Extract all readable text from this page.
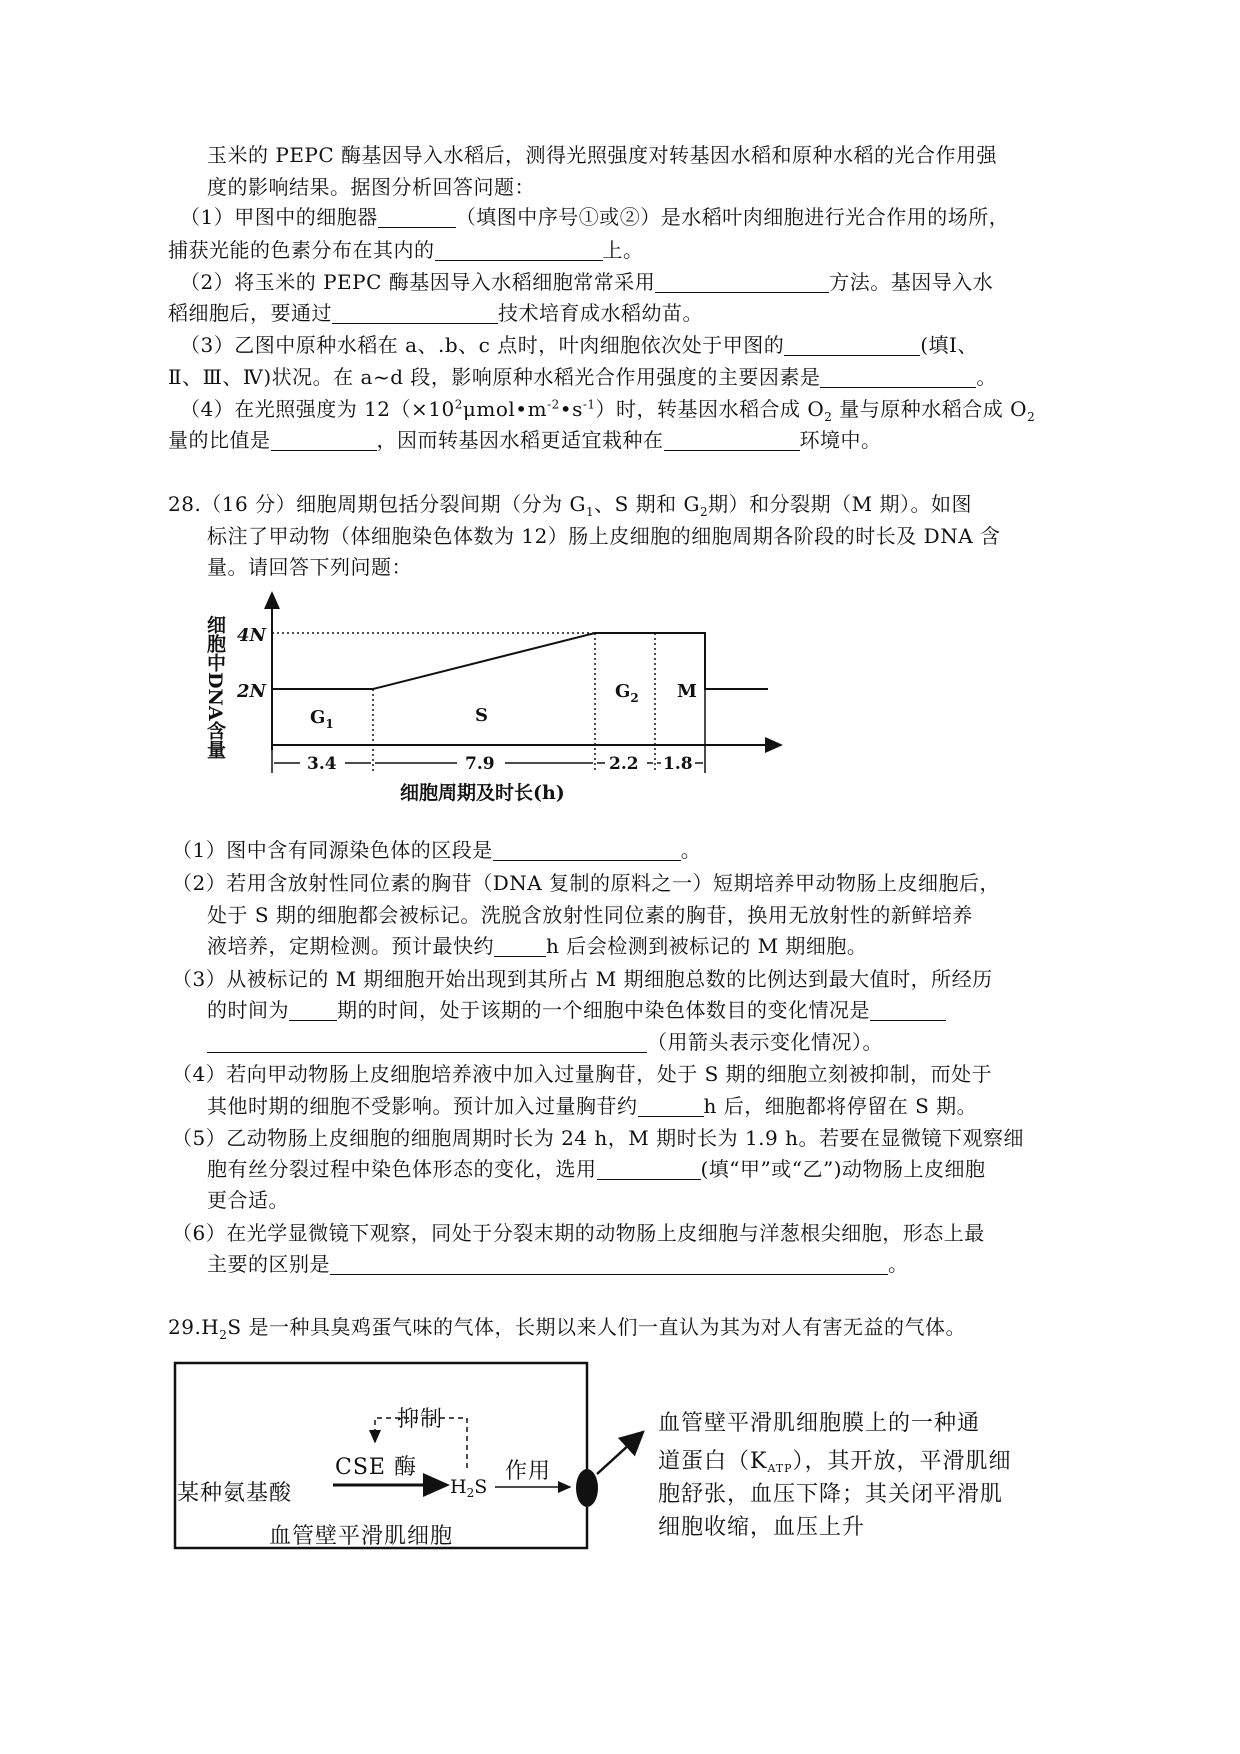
玉米的 PEPC 酶基因导入水稻后，测得光照强度对转基因水稻和原种水稻的光合作用强
度的影响结果。据图分析回答问题：
（1）甲图中的细胞器	（填图中序号①或②）是水稻叶肉细胞进行光合作用的场所，
捕获光能的色素分布在其内的	上。
（2）将玉米的 PEPC 酶基因导入水稻细胞常常采用	方法。基因导入水
稻细胞后，要通过	技术培育成水稻幼苗。
（3）乙图中原种水稻在 a、.b、c 点时，叶肉细胞依次处于甲图的	(填Ⅰ、
Ⅱ、Ⅲ、Ⅳ)状况。在 a~d 段，影响原种水稻光合作用强度的主要因素是	。
（4）在光照强度为 $12(\times 10^2\mu mol•m^{-2}•s^{-1})$时，转基因水稻合成 $O_2$ 量与原种水稻合成 $O_2$
量的比值是	，因而转基因水稻更适宜栽种在	环境中。
28.（16 分）细胞周期包括分裂间期（分为 $G_1$、S 期和 $G_2$期）和分裂期（M 期）。如图
标注了甲动物（体细胞染色体数为 12）肠上皮细胞的细胞周期各阶段的时长及 DNA 含
量。请回答下列问题：
细胞中DNA含量 4N
2N
$G_1$	S
$G_2$ M
3.4	7.9	2.2 1.8
细胞周期及时长(h)
（1）图中含有同源染色体的区段是	。
（2）若用含放射性同位素的胸苷（DNA 复制的原料之一）短期培养甲动物肠上皮细胞后，
处于 S 期的细胞都会被标记。洗脱含放射性同位素的胸苷，换用无放射性的新鲜培养
液培养，定期检测。预计最快约	h 后会检测到被标记的 M 期细胞。
（3）从被标记的 M 期细胞开始出现到其所占 M 期细胞总数的比例达到最大值时，所经历
的时间为 期的时间，处于该期的一个细胞中染色体数目的变化情况是
（用箭头表示变化情况）。
（4）若向甲动物肠上皮细胞培养液中加入过量胸苷，处于 S 期的细胞立刻被抑制，而处于
其他时期的细胞不受影响。预计加入过量胸苷约	h 后，细胞都将停留在 S 期。
（5）乙动物肠上皮细胞的细胞周期时长为 24 h，M 期时长为 1.9 h。若要在显微镜下观察细
胞有丝分裂过程中染色体形态的变化，选用	(填“甲”或“乙”)动物肠上皮细胞
更合适。
（6）在光学显微镜下观察，同处于分裂末期的动物肠上皮细胞与洋葱根尖细胞，形态上最
主要的区别是	。
$29.H_2S$ 是一种具臭鸡蛋气味的气体，长期以来人们一直认为其为对人有害无益的气体。
抑制
某种氨基酸
CSE 酶
$H_2S$
作用
血管壁平滑肌细胞
血管壁平滑肌细胞膜上的一种通
道蛋白（KATP），其开放，平滑肌细
胞舒张，血压下降；其关闭平滑肌
细胞收缩，血压上升
